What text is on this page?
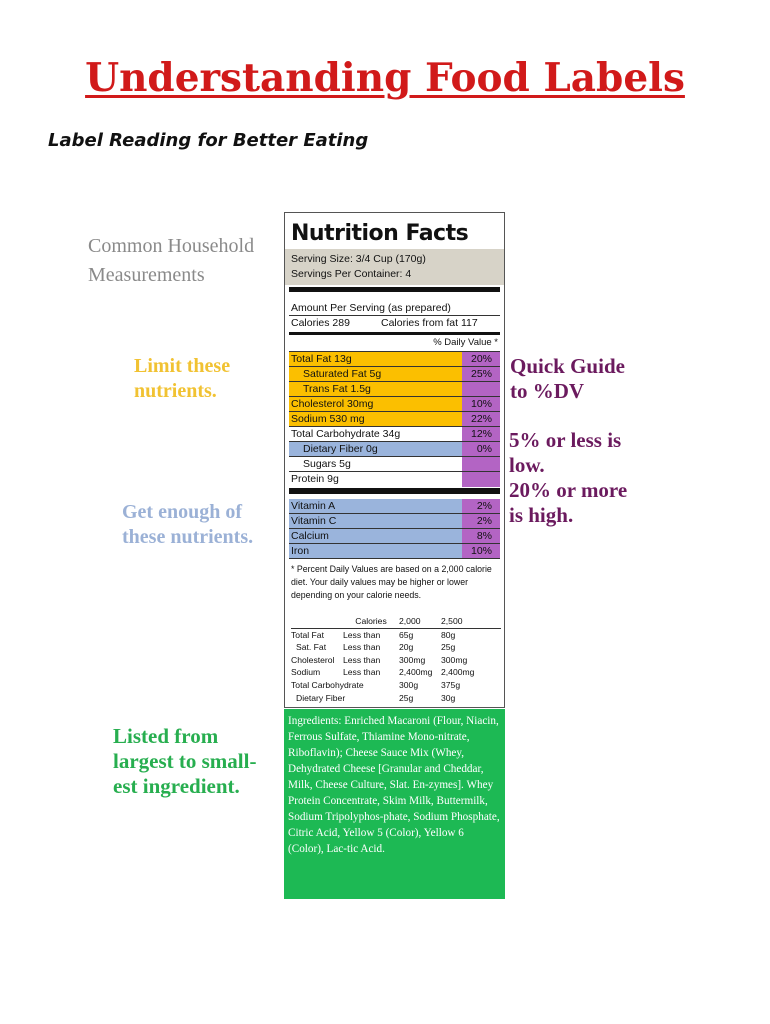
Understanding Food Labels
Label Reading for Better Eating
Common Household
Measurements
Limit these
nutrients.
Get enough of
these nutrients.
Listed from
largest to small-
est ingredient.
Quick Guide
to %DV
5% or less is
low.
20% or more
is high.
Nutrition Facts
Serving Size: 3/4 Cup (170g)
Servings Per Container: 4
Amount Per Serving (as prepared)
Calories 289	Calories from fat 117
% Daily Value *
Total Fat 13g	20%
Saturated Fat 5g	25%
Trans Fat 1.5g
Cholesterol 30mg	10%
Sodium 530 mg	22%
Total Carbohydrate 34g	12%
Dietary Fiber 0g	0%
Sugars 5g
Protein 9g
Vitamin A	2%
Vitamin C	2%
Calcium	8%
Iron	10%
* Percent Daily Values are based on a 2,000 calorie diet. Your daily values may be higher or lower depending on your calorie needs.
	Calories	2,000	2,500
Total Fat	Less than	65g	80g
Sat. Fat	Less than	20g	25g
Cholesterol	Less than	300mg	300mg
Sodium	Less than	2,400mg	2,400mg
Total Carbohydrate		300g	375g
Dietary Fiber		25g	30g
Ingredients: Enriched Macaroni (Flour, Niacin, Ferrous Sulfate, Thiamine Mono-nitrate, Riboflavin); Cheese Sauce Mix (Whey, Dehydrated Cheese [Granular and Cheddar, Milk, Cheese Culture, Slat. En-zymes]. Whey Protein Concentrate, Skim Milk, Buttermilk, Sodium Tripolyphos-phate, Sodium Phosphate, Citric Acid, Yellow 5 (Color), Yellow 6 (Color), Lac-tic Acid.
